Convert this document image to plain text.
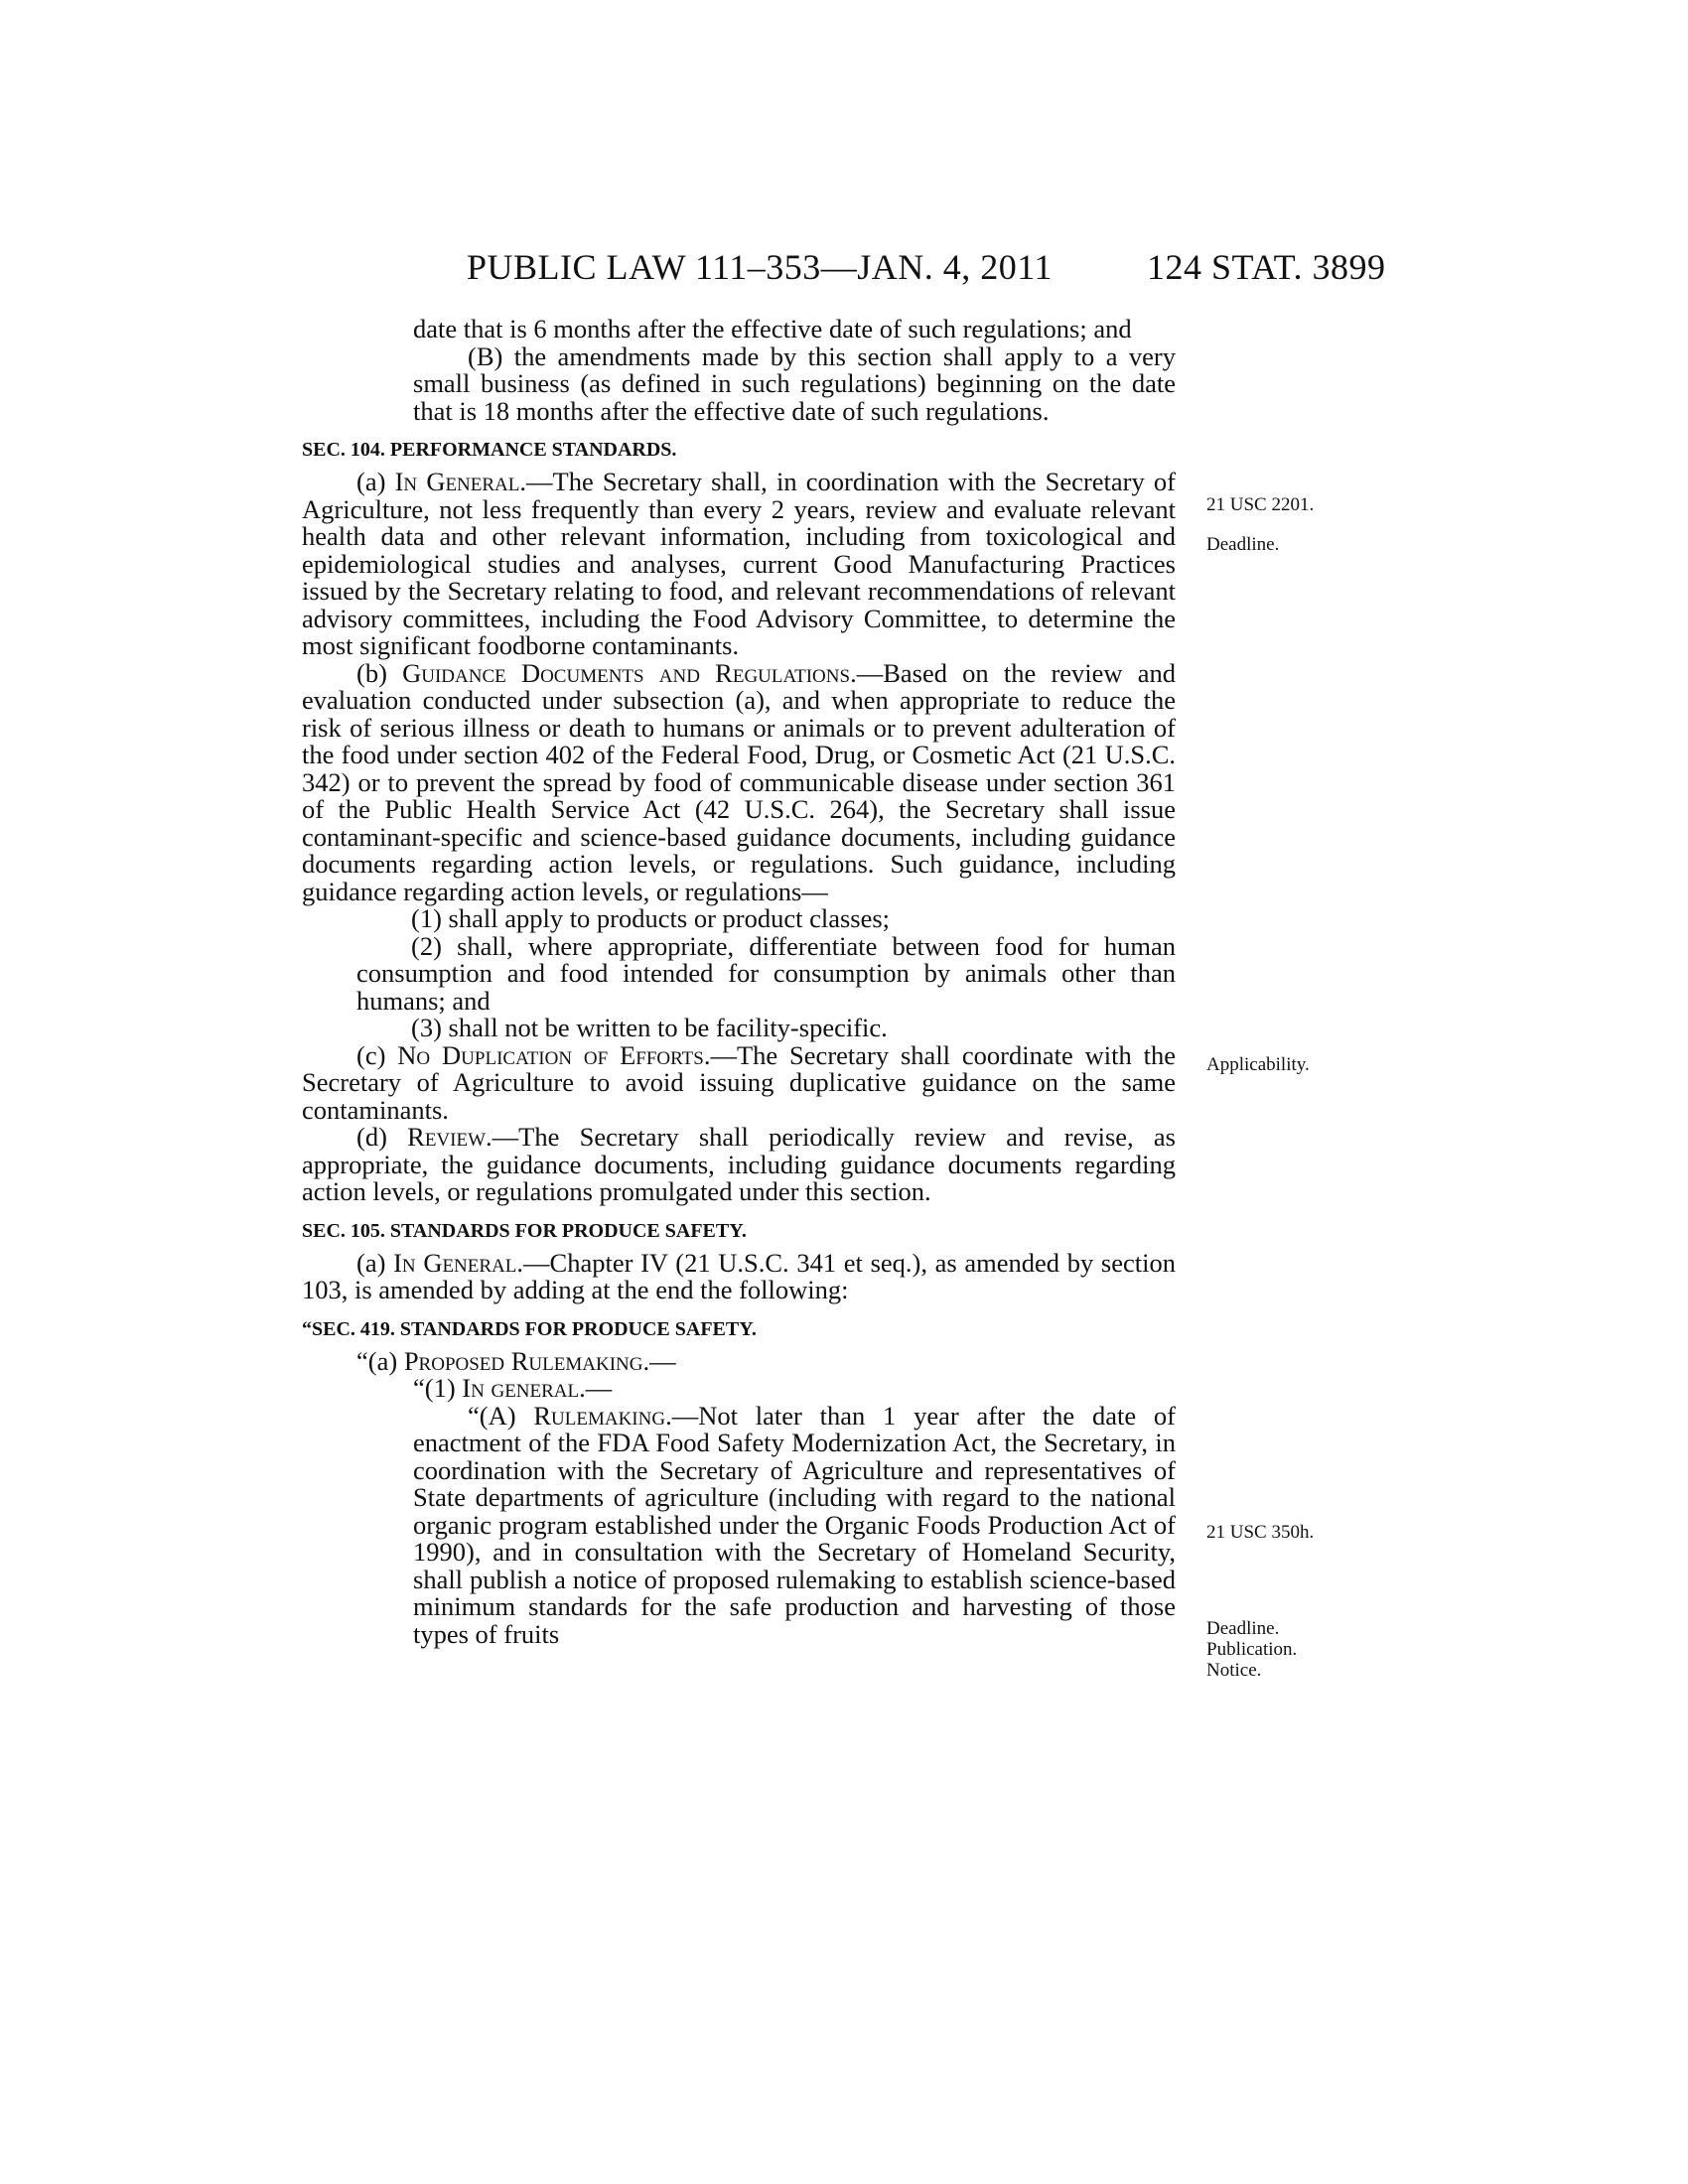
PUBLIC LAW 111–353—JAN. 4, 2011	124 STAT. 3899

date that is 6 months after the effective date of such regulations; and

(B) the amendments made by this section shall apply to a very small business (as defined in such regulations) beginning on the date that is 18 months after the effective date of such regulations.

SEC. 104. PERFORMANCE STANDARDS.

(a) In General.—The Secretary shall, in coordination with the Secretary of Agriculture, not less frequently than every 2 years, review and evaluate relevant health data and other relevant information, including from toxicological and epidemiological studies and analyses, current Good Manufacturing Practices issued by the Secretary relating to food, and relevant recommendations of relevant advisory committees, including the Food Advisory Committee, to determine the most significant foodborne contaminants.

(b) Guidance Documents and Regulations.—Based on the review and evaluation conducted under subsection (a), and when appropriate to reduce the risk of serious illness or death to humans or animals or to prevent adulteration of the food under section 402 of the Federal Food, Drug, or Cosmetic Act (21 U.S.C. 342) or to prevent the spread by food of communicable disease under section 361 of the Public Health Service Act (42 U.S.C. 264), the Secretary shall issue contaminant-specific and science-based guidance documents, including guidance documents regarding action levels, or regulations. Such guidance, including guidance regarding action levels, or regulations—

(1) shall apply to products or product classes;

(2) shall, where appropriate, differentiate between food for human consumption and food intended for consumption by animals other than humans; and

(3) shall not be written to be facility-specific.

(c) No Duplication of Efforts.—The Secretary shall coordinate with the Secretary of Agriculture to avoid issuing duplicative guidance on the same contaminants.

(d) Review.—The Secretary shall periodically review and revise, as appropriate, the guidance documents, including guidance documents regarding action levels, or regulations promulgated under this section.

SEC. 105. STANDARDS FOR PRODUCE SAFETY.

(a) In General.—Chapter IV (21 U.S.C. 341 et seq.), as amended by section 103, is amended by adding at the end the following:

“SEC. 419. STANDARDS FOR PRODUCE SAFETY.

“(a) Proposed Rulemaking.—

“(1) In general.—

“(A) Rulemaking.—Not later than 1 year after the date of enactment of the FDA Food Safety Modernization Act, the Secretary, in coordination with the Secretary of Agriculture and representatives of State departments of agriculture (including with regard to the national organic program established under the Organic Foods Production Act of 1990), and in consultation with the Secretary of Homeland Security, shall publish a notice of proposed rulemaking to establish science-based minimum standards for the safe production and harvesting of those types of fruits

21 USC 2201.
Deadline.
Applicability.
21 USC 350h.
Deadline.
Publication.
Notice.
